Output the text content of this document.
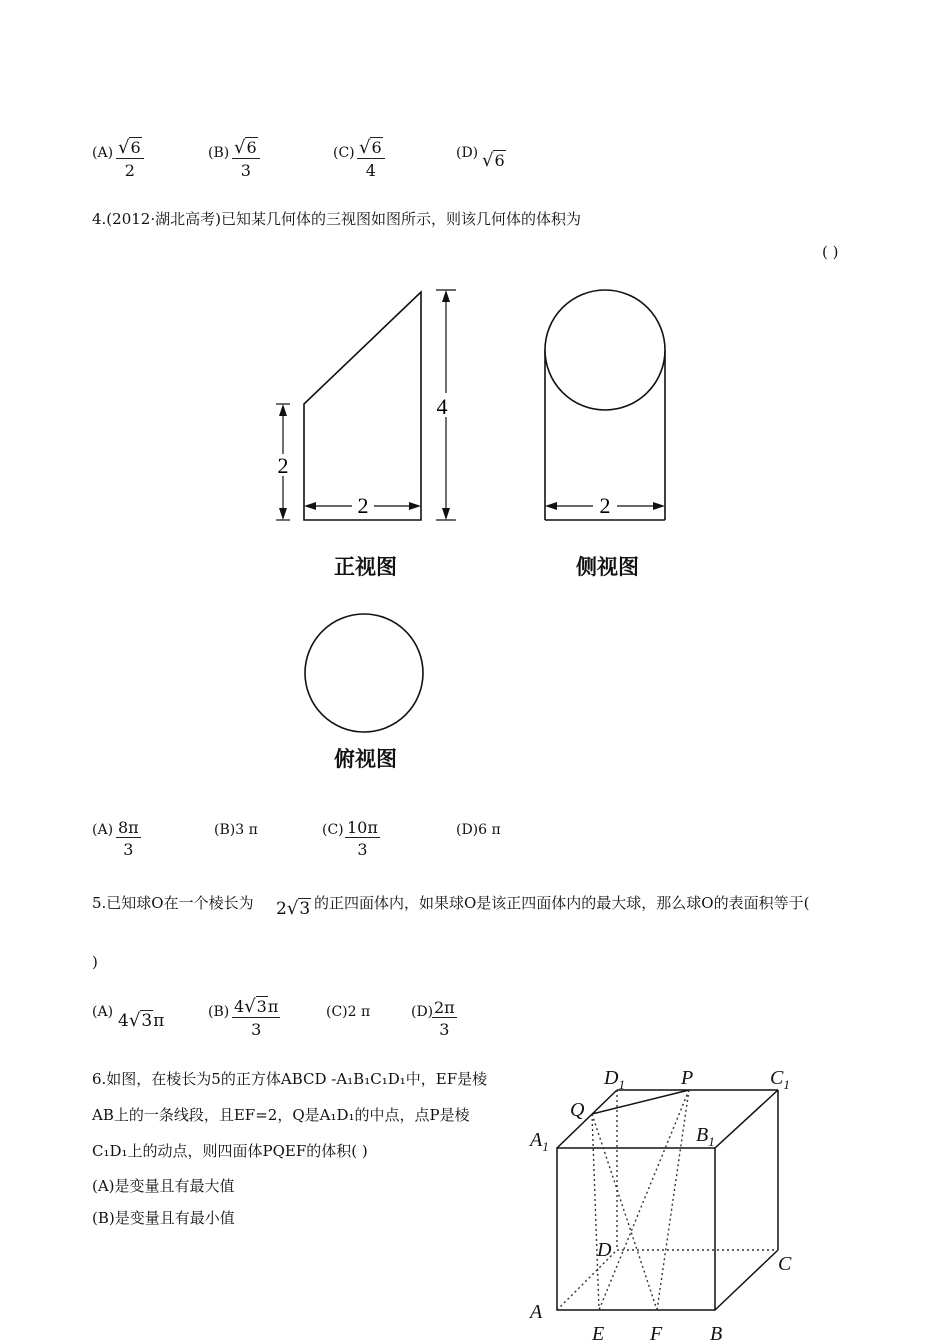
$(A) \frac{√6}{2}$	$(B) \frac{√6}{3}$	$(C) \frac{√6}{4}$	(D) √6
4.(2012·湖北高考)已知某几何体的三视图如图所示，则该几何体的体积为
( )
2
4
2
正视图
2
侧视图
俯视图
$(A) \frac{8\pi}{3}$	(B)3 π	$(C) \frac{10\pi}{3}$	(D)6 π
5.已知球O在一个棱长为 2√3 的正四面体内，如果球O是该正四面体内的最大球，那么球O的表面积等于(
)
(A) 4√3π	$(B) \frac{4√3\pi}{3}$	(C)2 π	(D)
$\frac{2\pi}{3}$
6.如图，在棱长为5的正方体ABCD -A₁B₁C₁D₁中，EF是棱
AB上的一条线段，且EF=2，Q是A₁D₁的中点，点P是棱
C₁D₁上的动点，则四面体PQEF的体积( )
(A)是变量且有最大值
(B)是变量且有最小值
$D_1$	P	$C_1$
Q
$A_1$
$B_1$
D
C
A
E F B
